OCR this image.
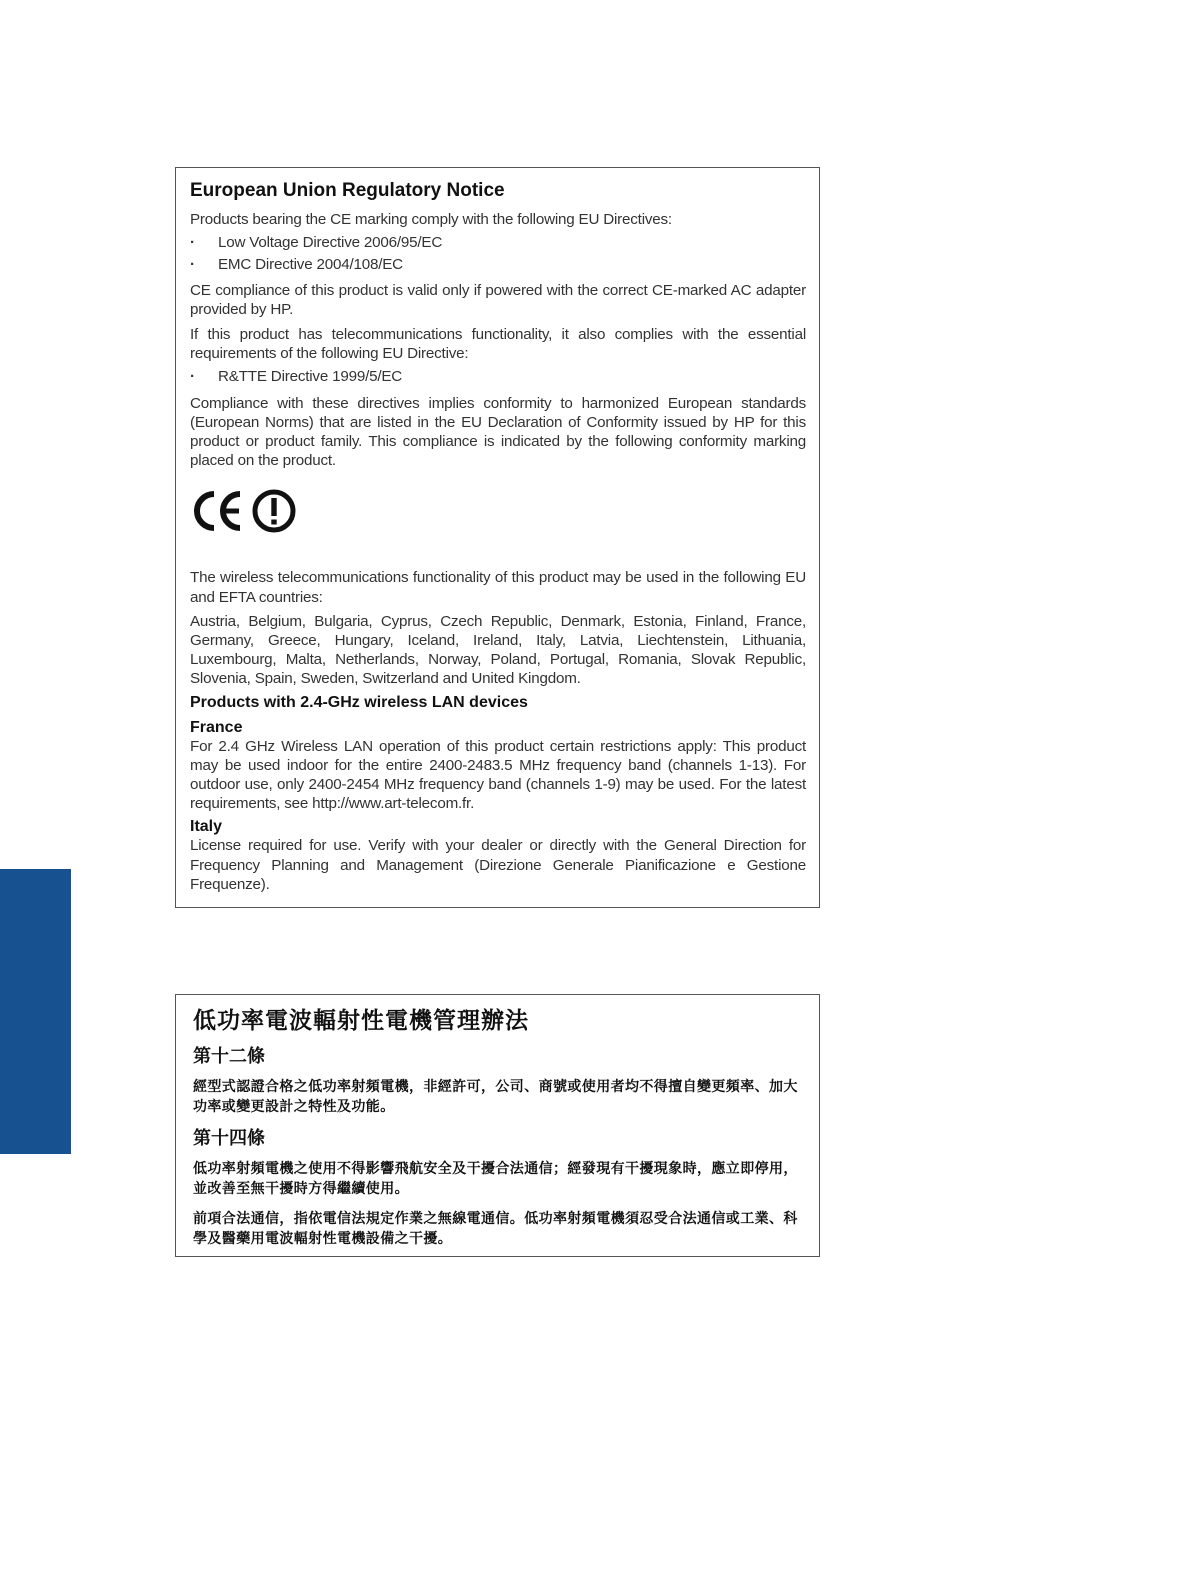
European Union Regulatory Notice
Products bearing the CE marking comply with the following EU Directives:
· Low Voltage Directive 2006/95/EC
· EMC Directive 2004/108/EC
CE compliance of this product is valid only if powered with the correct CE-marked AC adapter provided by HP.
If this product has telecommunications functionality, it also complies with the essential requirements of the following EU Directive:
· R&TTE Directive 1999/5/EC
Compliance with these directives implies conformity to harmonized European standards (European Norms) that are listed in the EU Declaration of Conformity issued by HP for this product or product family. This compliance is indicated by the following conformity marking placed on the product.
The wireless telecommunications functionality of this product may be used in the following EU and EFTA countries:
Austria, Belgium, Bulgaria, Cyprus, Czech Republic, Denmark, Estonia, Finland, France, Germany, Greece, Hungary, Iceland, Ireland, Italy, Latvia, Liechtenstein, Lithuania, Luxembourg, Malta, Netherlands, Norway, Poland, Portugal, Romania, Slovak Republic, Slovenia, Spain, Sweden, Switzerland and United Kingdom.
Products with 2.4-GHz wireless LAN devices
France
For 2.4 GHz Wireless LAN operation of this product certain restrictions apply: This product may be used indoor for the entire 2400-2483.5 MHz frequency band (channels 1-13). For outdoor use, only 2400-2454 MHz frequency band (channels 1-9) may be used. For the latest requirements, see http://www.art-telecom.fr.
Italy
License required for use. Verify with your dealer or directly with the General Direction for Frequency Planning and Management (Direzione Generale Pianificazione e Gestione Frequenze).
低功率電波輻射性電機管理辦法
第十二條
經型式認證合格之低功率射頻電機，非經許可，公司、商號或使用者均不得擅自變更頻率、加大功率或變更設計之特性及功能。
第十四條
低功率射頻電機之使用不得影響飛航安全及干擾合法通信；經發現有干擾現象時，應立即停用，並改善至無干擾時方得繼續使用。
前項合法通信，指依電信法規定作業之無線電通信。低功率射頻電機須忍受合法通信或工業、科學及醫藥用電波輻射性電機設備之干擾。
